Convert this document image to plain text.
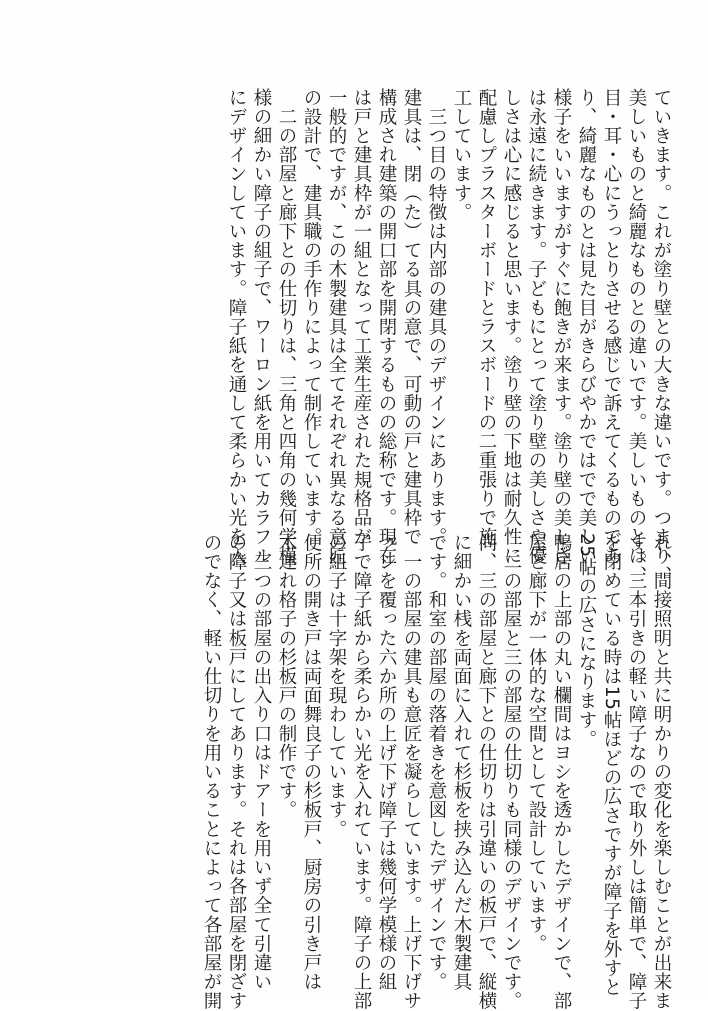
ていきます。これが塗り壁との大きな違いです。つまり、

美しいものと綺麗なものとの違いです。美しいものとは、

目・耳・心にうっとりさせる感じで訴えてくるものであ

り、綺麗なものとは見た目がきらびやかではでで美しい

様子をいいますがすぐに飽きが来ます。塗り壁の美しさ

は永遠に続きます。子どもにとって塗り壁の美しさや優

しさは心に感じると思います。塗り壁の下地は耐久性に

配慮しプラスターボードとラスボードの二重張りで施

工しています。

　三つ目の特徴は内部の建具のデザインにあります。

建具は、閉（た）てる具の意で、可動の戸と建具枠で

構成され建築の開口部を開閉するものの総称です。現在

は戸と建具枠が一組となって工業生産された規格品が

一般的ですが、この木製建具は全てそれぞれ異なる意匠

の設計で、建具職の手作りによって制作しています。

　二の部屋と廊下との仕切りは、三角と四角の幾何学模

様の細かい障子の組子で、ワーロン紙を用いてカラフル

にデザインしています。障子紙を通して柔らかい光を入

れ、間接照明と共に明かりの変化を楽しむことが出来ま

す。三本引きの軽い障子なので取り外しは簡単で、障子

を閉めている時は15帖ほどの広さですが障子を外すと

25帖の広さになります。

鴨居の上部の丸い欄間はヨシを透かしたデザインで、部

屋と廊下が一体的な空間として設計しています。

　二の部屋と三の部屋の仕切りも同様のデザインです。

尚、三の部屋と廊下との仕切りは引違いの板戸で、縦横

に細かい桟を両面に入れて杉板を挟み込んだ木製建具

です。和室の部屋の落着きを意図したデザインです。

　一の部屋の建具も意匠を凝らしています。上げ下げサ

ッシを覆った六か所の上げ下げ障子は幾何学模様の組

子で障子紙から柔らかい光を入れています。障子の上部

の組子は十字架を現わしています。

便所の開き戸は両面舞良子の杉板戸、厨房の引き戸は

木連れ格子の杉板戸の制作です。

　三つの部屋の出入り口はドアーを用いず全て引違い

の障子又は板戸にしてあります。それは各部屋を閉ざす

のでなく、軽い仕切りを用いることによって各部屋が開
